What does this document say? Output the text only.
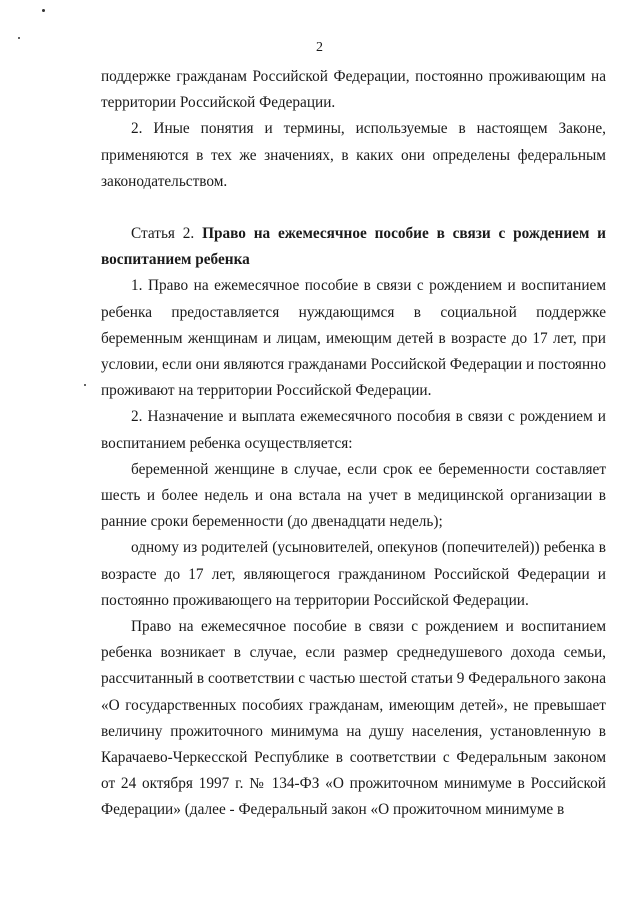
2

поддержке гражданам Российской Федерации, постоянно проживающим на территории Российской Федерации.

2. Иные понятия и термины, используемые в настоящем Законе, применяются в тех же значениях, в каких они определены федеральным законодательством.

Статья 2. Право на ежемесячное пособие в связи с рождением и воспитанием ребенка

1. Право на ежемесячное пособие в связи с рождением и воспитанием ребенка предоставляется нуждающимся в социальной поддержке беременным женщинам и лицам, имеющим детей в возрасте до 17 лет, при условии, если они являются гражданами Российской Федерации и постоянно проживают на территории Российской Федерации.

2. Назначение и выплата ежемесячного пособия в связи с рождением и воспитанием ребенка осуществляется:

беременной женщине в случае, если срок ее беременности составляет шесть и более недель и она встала на учет в медицинской организации в ранние сроки беременности (до двенадцати недель);

одному из родителей (усыновителей, опекунов (попечителей)) ребенка в возрасте до 17 лет, являющегося гражданином Российской Федерации и постоянно проживающего на территории Российской Федерации.

Право на ежемесячное пособие в связи с рождением и воспитанием ребенка возникает в случае, если размер среднедушевого дохода семьи, рассчитанный в соответствии с частью шестой статьи 9 Федерального закона «О государственных пособиях гражданам, имеющим детей», не превышает величину прожиточного минимума на душу населения, установленную в Карачаево-Черкесской Республике в соответствии с Федеральным законом от 24 октября 1997 г. № 134-ФЗ «О прожиточном минимуме в Российской Федерации» (далее - Федеральный закон «О прожиточном минимуме в
